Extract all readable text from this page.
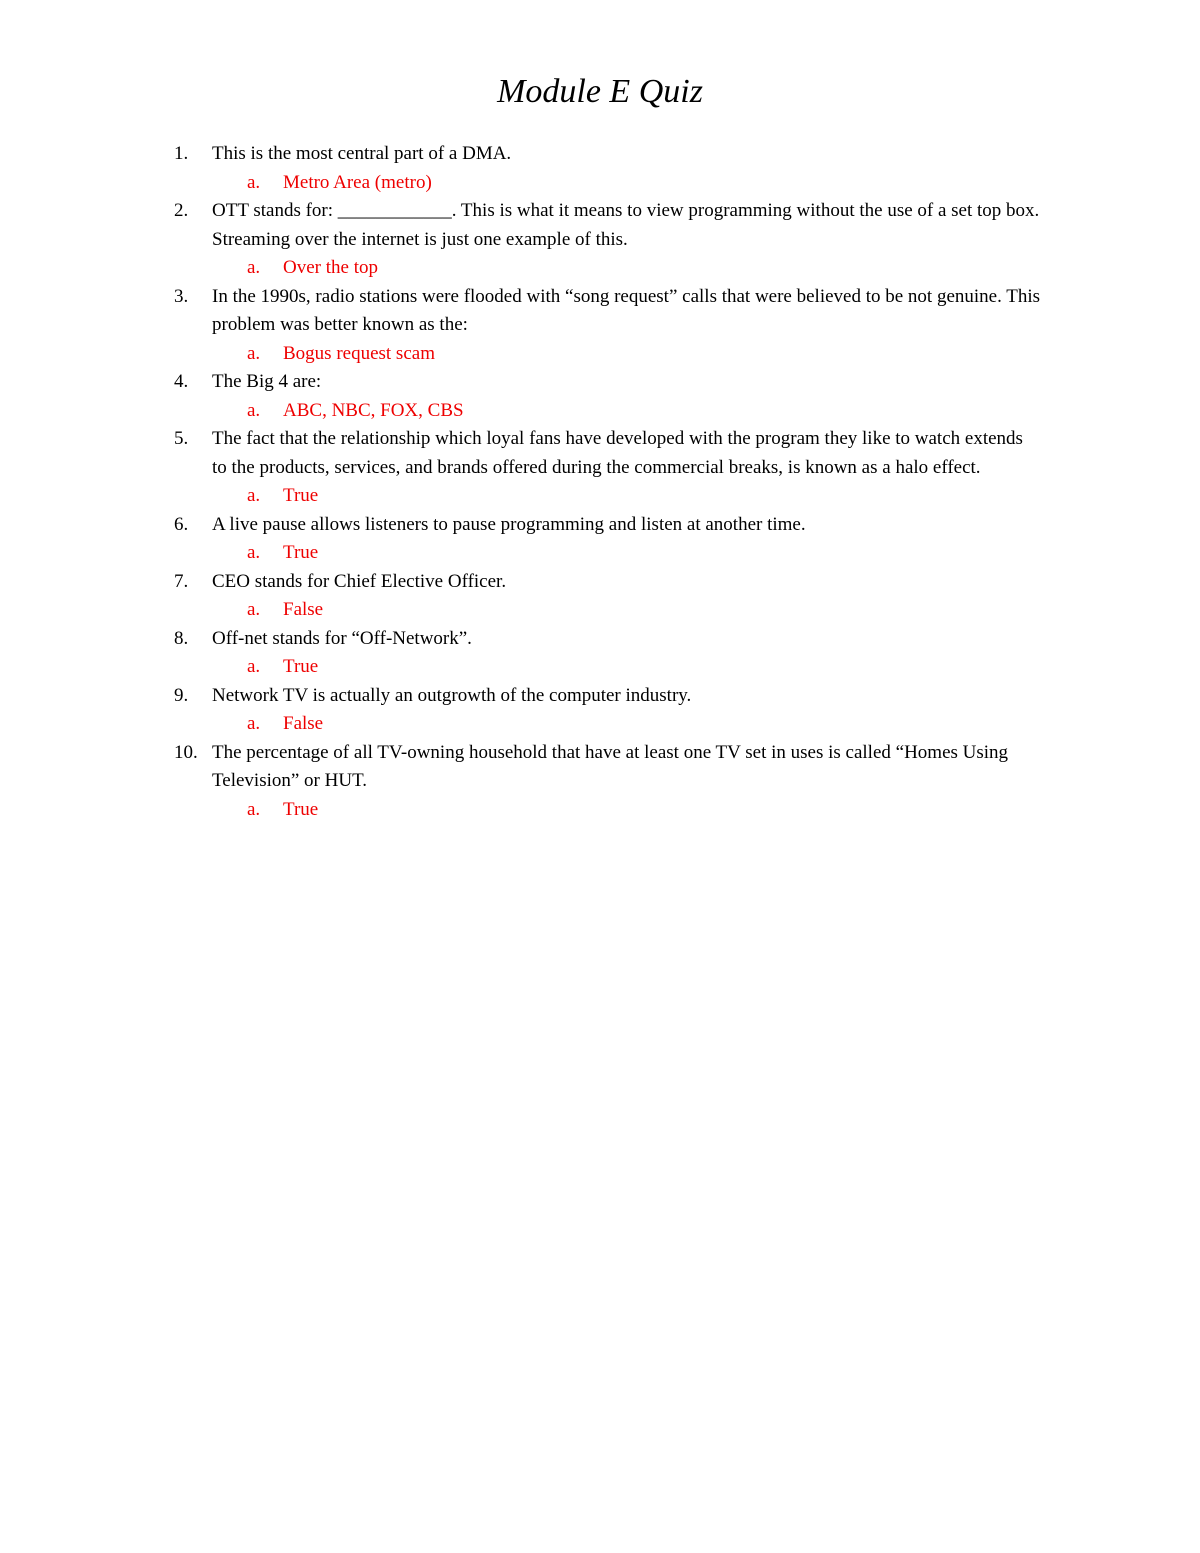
Module E Quiz
1. This is the most central part of a DMA.
a. Metro Area (metro)
2. OTT stands for: ____________. This is what it means to view programming without the use of a set top box. Streaming over the internet is just one example of this.
a. Over the top
3. In the 1990s, radio stations were flooded with “song request” calls that were believed to be not genuine. This problem was better known as the:
a. Bogus request scam
4. The Big 4 are:
a. ABC, NBC, FOX, CBS
5. The fact that the relationship which loyal fans have developed with the program they like to watch extends to the products, services, and brands offered during the commercial breaks, is known as a halo effect.
a. True
6. A live pause allows listeners to pause programming and listen at another time.
a. True
7. CEO stands for Chief Elective Officer.
a. False
8. Off-net stands for “Off-Network”.
a. True
9. Network TV is actually an outgrowth of the computer industry.
a. False
10. The percentage of all TV-owning household that have at least one TV set in uses is called “Homes Using Television” or HUT.
a. True
